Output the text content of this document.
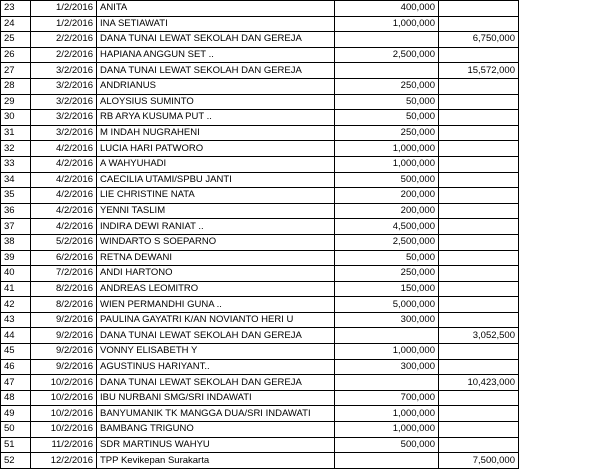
23	1/2/2016	ANITA	400,000		
24	1/2/2016	INA SETIAWATI	1,000,000		
25	2/2/2016	DANA TUNAI LEWAT SEKOLAH DAN GEREJA		6,750,000	
26	2/2/2016	HAPIANA ANGGUN SET ..	2,500,000		
27	3/2/2016	DANA TUNAI LEWAT SEKOLAH DAN GEREJA		15,572,000	
28	3/2/2016	ANDRIANUS	250,000		
29	3/2/2016	ALOYSIUS SUMINTO	50,000		
30	3/2/2016	RB ARYA KUSUMA PUT ..	50,000		
31	3/2/2016	M INDAH NUGRAHENI	250,000		
32	4/2/2016	LUCIA HARI PATWORO	1,000,000		
33	4/2/2016	A WAHYUHADI	1,000,000		
34	4/2/2016	CAECILIA UTAMI/SPBU JANTI	500,000		
35	4/2/2016	LIE CHRISTINE NATA	200,000		
36	4/2/2016	YENNI TASLIM	200,000		
37	4/2/2016	INDIRA DEWI RANIAT ..	4,500,000		
38	5/2/2016	WINDARTO S SOEPARNO	2,500,000		
39	6/2/2016	RETNA DEWANI	50,000		
40	7/2/2016	ANDI HARTONO	250,000		
41	8/2/2016	ANDREAS LEOMITRO	150,000		
42	8/2/2016	WIEN PERMANDHI GUNA ..	5,000,000		
43	9/2/2016	PAULINA GAYATRI K/AN NOVIANTO HERI U	300,000		
44	9/2/2016	DANA TUNAI LEWAT SEKOLAH DAN GEREJA		3,052,500	
45	9/2/2016	VONNY ELISABETH Y	1,000,000		
46	9/2/2016	AGUSTINUS HARIYANT..	300,000		
47	10/2/2016	DANA TUNAI LEWAT SEKOLAH DAN GEREJA		10,423,000	
48	10/2/2016	IBU NURBANI SMG/SRI INDAWATI	700,000		
49	10/2/2016	BANYUMANIK TK MANGGA DUA/SRI INDAWATI	1,000,000		
50	10/2/2016	BAMBANG TRIGUNO	1,000,000		
51	11/2/2016	SDR MARTINUS WAHYU	500,000		
52	12/2/2016	TPP Kevikepan Surakarta		7,500,000	
